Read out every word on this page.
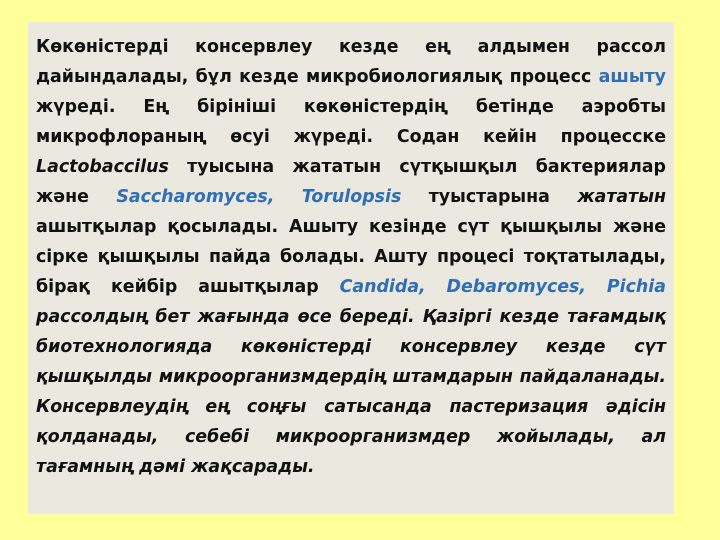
Көкөністерді консервлеу кезде ең алдымен рассол дайындалады, бұл кезде микробиологиялық процесс ашыту жүреді. Ең бірініші көкөністердің бетінде аэробты микрофлораның өсуі жүреді. Содан кейін процесске Lactobaccilus туысына жататын сүтқышқыл бактериялар және Saccharomyces, Torulopsis туыстарына жататын ашытқылар қосылады. Ашыту кезінде сүт қышқылы және сірке қышқылы пайда болады. Ашту процесі тоқтатылады, бірақ кейбір ашытқылар Candida, Debaromyces, Pichia рассолдың бет жағында өсе береді. Қазіргі кезде тағамдық биотехнологияда көкөністерді консервлеу кезде сүт қышқылды микроорганизмдердің штамдарын пайдаланады. Консервлеудің ең соңғы сатысанда пастеризация әдісін қолданады, себебі микроорганизмдер жойылады, ал тағамның дәмі жақсарады.
